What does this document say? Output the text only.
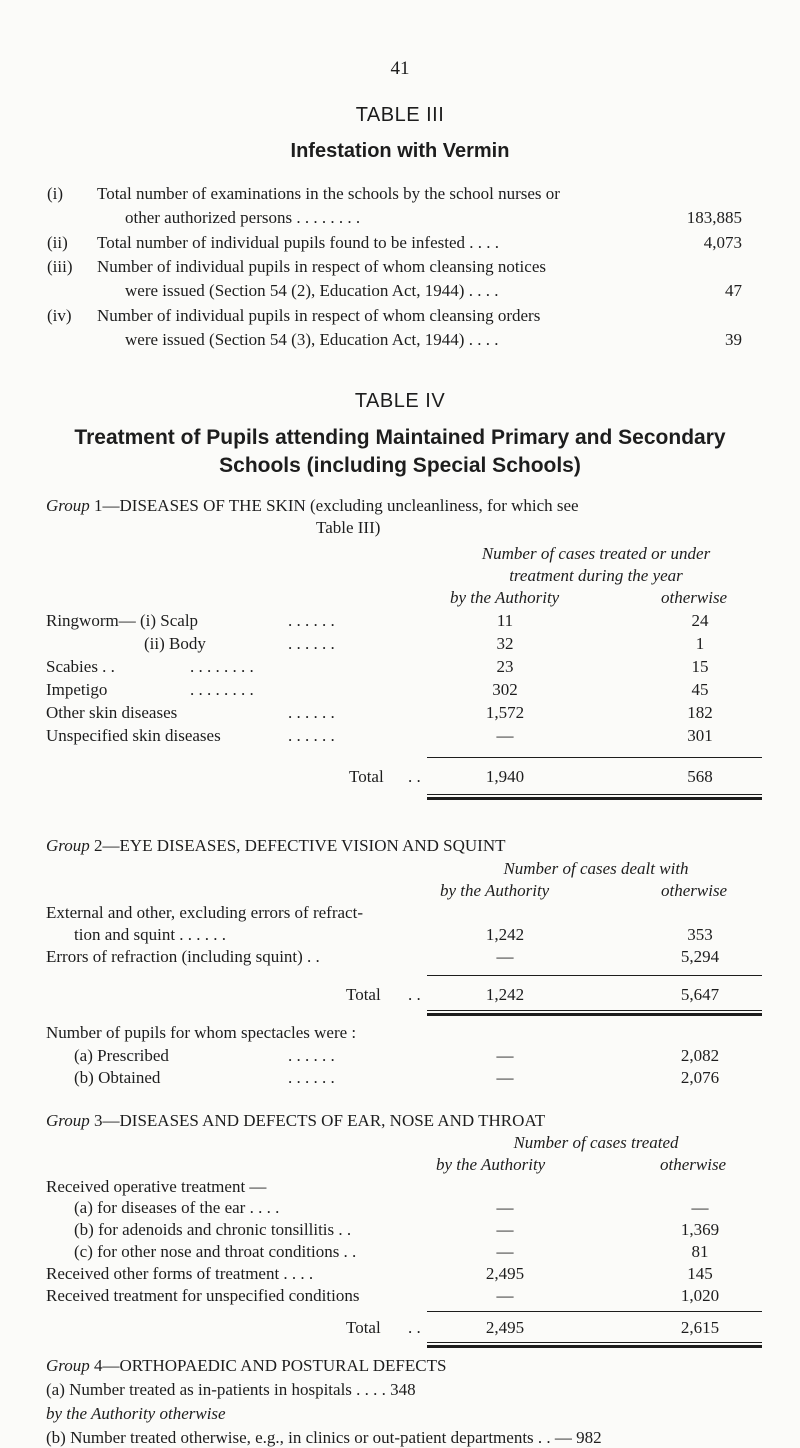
41
TABLE III
Infestation with Vermin
(i) Total number of examinations in the schools by the school nurses or
other authorized persons . . . . . . . .	183,885
(ii) Total number of individual pupils found to be infested . . . .	4,073
(iii) Number of individual pupils in respect of whom cleansing notices
were issued (Section 54 (2), Education Act, 1944) . . . .	47
(iv) Number of individual pupils in respect of whom cleansing orders
were issued (Section 54 (3), Education Act, 1944) . . . .	39
TABLE IV
Treatment of Pupils attending Maintained Primary and Secondary
Schools (including Special Schools)
Group 1—DISEASES OF THE SKIN (excluding uncleanliness, for which see
Table III)
Number of cases treated or under
treatment during the year
by the Authority	otherwise
Ringworm— (i) Scalp	. . . . . .	11	24
(ii) Body	. . . . . .	32	1
Scabies . .	. . . . . . . .	23	15
Impetigo	. . . . . . . .	302	45
Other skin diseases	. . . . . .	1,572	182
Unspecified skin diseases	. . . . . .	—	301
Total . .	1,940	568
Group 2—EYE DISEASES, DEFECTIVE VISION AND SQUINT
Number of cases dealt with
by the Authority	otherwise
External and other, excluding errors of refract-
tion and squint . . . . . .	1,242	353
Errors of refraction (including squint) . .	—	5,294
Total . .	1,242	5,647
Number of pupils for whom spectacles were :
(a) Prescribed	. . . . . .	—	2,082
(b) Obtained	. . . . . .	—	2,076
Group 3—DISEASES AND DEFECTS OF EAR, NOSE AND THROAT
Number of cases treated
by the Authority	otherwise
Received operative treatment —
(a) for diseases of the ear . . . .	—	—
(b) for adenoids and chronic tonsillitis . .	—	1,369
(c) for other nose and throat conditions . .	—	81
Received other forms of treatment . . . .	2,495	145
Received treatment for unspecified conditions	—	1,020
Total . .	2,495	2,615
Group 4—ORTHOPAEDIC AND POSTURAL DEFECTS
(a) Number treated as in-patients in hospitals . . . . 348
by the Authority otherwise
(b) Number treated otherwise, e.g., in clinics or out-patient departments . . — 982
